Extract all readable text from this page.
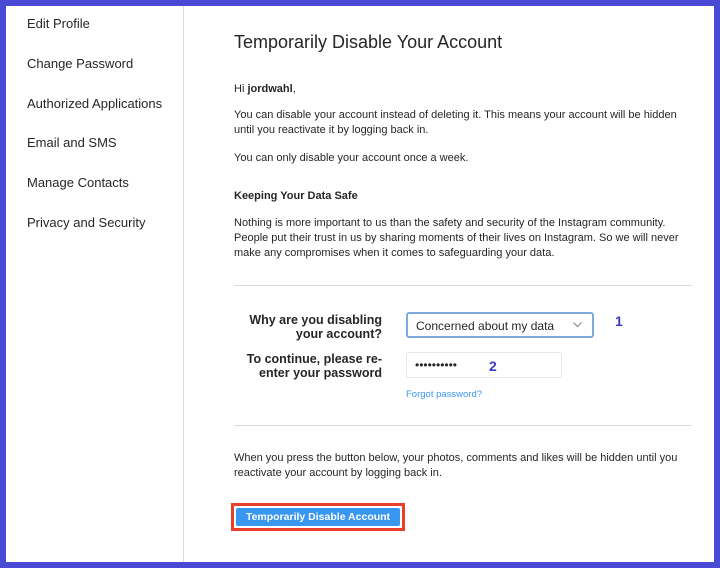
Edit Profile
Change Password
Authorized Applications
Email and SMS
Manage Contacts
Privacy and Security
Temporarily Disable Your Account

Hi jordwahl,

You can disable your account instead of deleting it. This means your account will be hidden until you reactivate it by logging back in.

You can only disable your account once a week.

Keeping Your Data Safe

Nothing is more important to us than the safety and security of the Instagram community. People put their trust in us by sharing moments of their lives on Instagram. So we will never make any compromises when it comes to safeguarding your data.

Why are you disabling your account?
Concerned about my data	1
To continue, please re-enter your password
••••••••••	2
Forgot password?

When you press the button below, your photos, comments and likes will be hidden until you reactivate your account by logging back in.

Temporarily Disable Account
